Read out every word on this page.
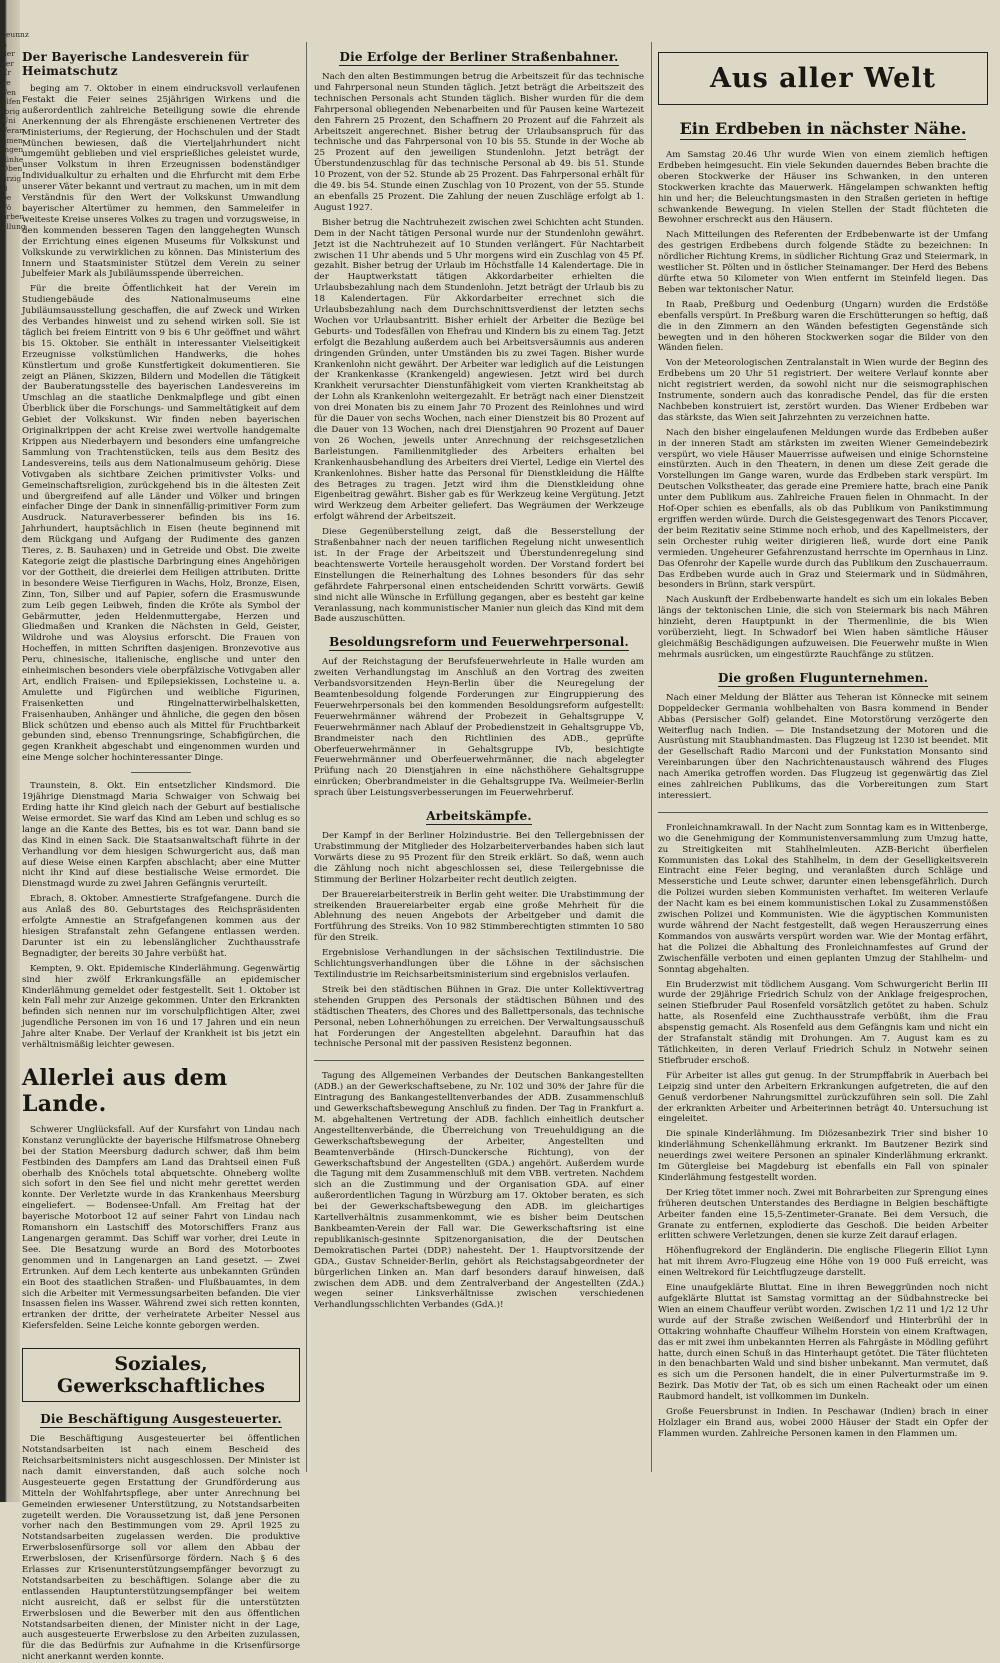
zeunnz
n der
ser
Er
ve
Ven
elfen
ibrig
Uni
Veran
amen
mgen
jünhe
Oben
erzig
B
be
Fö
orben
ellung
Der Bayerische Landesverein für Heimatschutz

beging am 7. Oktober in einem eindrucksvoll verlaufenen Festakt die Feier seines 25jährigen Wirkens und die außerordentlich zahlreiche Beteiligung sowie die ehrende Anerkennung der als Ehrengäste erschienenen Vertreter des Ministeriums, der Regierung, der Hochschulen und der Stadt München bewiesen, daß die Vierteljahrhundert nicht umgemüht geblieben und viel ersprießliches geleistet wurde, unser Volkstum in ihren Erzeugnissen bodenständiger Individualkultur zu erhalten und die Ehrfurcht mit dem Erbe unserer Väter bekannt und vertraut zu machen, um in mit dem Verständnis für den Wert der Volkskunst Umwandlung bayerischer Altertümer zu hemmen, den Sammeleifer in weiteste Kreise unseres Volkes zu tragen und vorzugsweise, in den kommenden besseren Tagen den langgehegten Wunsch der Errichtung eines eigenen Museums für Volkskunst und Volkskunde zu verwirklichen zu können. Das Ministerium des Innern und Staatsminister Stützel dem Verein zu seiner Jubelfeier Mark als Jubiläumsspende überreichen.

Für die breite Öffentlichkeit hat der Verein im Studiengebäude des Nationalmuseums eine Jubiläumsausstellung geschaffen, die auf Zweck und Wirken des Verbandes hinweist und zu sehend wirken soll. Sie ist täglich bei freiem Eintritt von 9 bis 6 Uhr geöffnet und währt bis 15. Oktober. Sie enthält in interessanter Vielseitigkeit Erzeugnisse volkstümlichen Handwerks, die hohes Künstlertum und große Kunstfertigkeit dokumentieren. Sie zeigt an Plänen, Skizzen, Bildern und Modellen die Tätigkeit der Bauberatungsstelle des bayerischen Landesvereins im Umschlag an die staatliche Denkmalpflege und gibt einen Überblick über die Forschungs- und Sammeltätigkeit auf dem Gebiet der Volkskunst. Wir finden neben bayerischen Originalkrippen der acht Kreise zwei wertvolle handgemalte Krippen aus Niederbayern und besonders eine umfangreiche Sammlung von Trachtenstücken, teils aus dem Besitz des Landesvereins, teils aus dem Nationalmuseum gehörig. Diese Votivgaben als sichtbare Zeichen primitivster Volks- und Gemeinschaftsreligion, zurückgehend bis in die ältesten Zeit und übergreifend auf alle Länder und Völker und bringen einfacher Dinge der Dank in sinnenfällig-primitiver Form zum Ausdruck. Naturaverbesserer befinden bis ins 16. Jahrhundert, hauptsächlich in Eisen (heute beginnend mit dem Rückgang und Aufgang der Rudimente des ganzen Tieres, z. B. Sauhaxen) und in Getreide und Obst. Die zweite Kategorie zeigt die plastische Darbringung eines Angehörigen vor der Gottheit, die dreierlei dem Heiligen attributen. Dritte in besondere Weise Tierfiguren in Wachs, Holz, Bronze, Eisen, Zinn, Ton, Silber und auf Papier, sofern die Erasmuswunde zum Leib gegen Leibweh, finden die Kröte als Symbol der Gebärmutter, jeden Heldenmuttergabe, Herzen und Gliedmaßen und Kranken die Nächsten in Geld, Geister, Wildrohe und was Aloysius erforscht. Die Frauen von Hocheffen, in mitten Schriften dasjenigen. Bronzevotive aus Peru, chinesische, italienische, englische und unter den einheimischen besonders viele oberpfälzische Votivgaben aller Art, endlich Fraisen- und Epilepsiekissen, Lochsteine u. a. Amulette und Figürchen und weibliche Figurinen, Fraisenketten und Ringelnatterwirbelhalsketten, Fraisenhauben, Anhänger und ähnliche, die gegen den bösen Blick schützen und ebenso auch als Mittel für Fruchtbarkeit gebunden sind, ebenso Trennungsringe, Schabfigürchen, die gegen Krankheit abgeschabt und eingenommen wurden und eine Menge solcher hochinteressanter Dinge.

Traunstein, 8. Okt. Ein entsetzlicher Kindsmord. Die 19jährige Dienstmagd Maria Schwaiger von Schwaig bei Erding hatte ihr Kind gleich nach der Geburt auf bestialische Weise ermordet. Sie warf das Kind am Leben und schlug es so lange an die Kante des Bettes, bis es tot war. Dann band sie das Kind in einen Sack. Die Staatsanwaltschaft führte in der Verhandlung vor dem hiesigen Schwurgericht aus, daß man auf diese Weise einen Karpfen abschlacht; aber eine Mutter nicht ihr Kind auf diese bestialische Weise ermordet. Die Dienstmagd wurde zu zwei Jahren Gefängnis verurteilt.

Ebrach, 8. Oktober. Amnestierte Strafgefangene. Durch die aus Anlaß des 80. Geburtstages des Reichspräsidenten erfolgte Amnestie an Strafgefangenen kommen aus der hiesigen Strafanstalt zehn Gefangene entlassen werden. Darunter ist ein zu lebenslänglicher Zuchthausstrafe Begnadigter, der bereits 30 Jahre verbüßt hat.

Kempten, 9. Okt. Epidemische Kinderlähmung. Gegenwärtig sind hier zwölf Erkrankungsfälle an epidemischer Kinderlähmung gemeldet oder festgestellt. Seit 1. Oktober ist kein Fall mehr zur Anzeige gekommen. Unter den Erkrankten befinden sich nennen nur im vorschulpflichtigen Alter, zwei jugendliche Personen im von 16 und 17 Jahren und ein neun Jahre alter Knabe. Der Verlauf der Krankheit ist bis jetzt ein verhältnismäßig leichter gewesen.

Allerlei aus dem Lande.

Schwerer Unglücksfall. Auf der Kursfahrt von Lindau nach Konstanz verunglückte der bayerische Hilfsmatrose Ohneberg bei der Station Meersburg dadurch schwer, daß ihm beim Festbinden des Dampfers am Land das Drahtseil einen Fuß oberhalb des Knöchels total abquetschte. Ohneberg wollte sich sofort in den See fiel und nicht mehr gerettet werden konnte. Der Verletzte wurde in das Krankenhaus Meersburg eingeliefert. — Bodensee-Unfall. Am Freitag hat der bayerische Motorboot 12 auf seiner Fahrt von Lindau nach Romanshorn ein Lastschiff des Motorschiffers Franz aus Langenargen gerammt. Das Schiff war vorher, drei Leute in See. Die Besatzung wurde an Bord des Motorbootes genommen und in Langenargen an Land gesetzt. — Zwei Ertrunken. Auf dem Lech kenterte aus unbekannten Gründen ein Boot des staatlichen Straßen- und Flußbauamtes, in dem sich die Arbeiter mit Vermessungsarbeiten befanden. Die vier Insassen fielen ins Wasser. Während zwei sich retten konnten, ertranken der dritte, der verheiratete Arbeiter Nessel aus Kiefersfelden. Seine Leiche konnte geborgen werden.

Soziales, Gewerkschaftliches
Die Beschäftigung Ausgesteuerter.

Die Beschäftigung Ausgesteuerter bei öffentlichen Notstandsarbeiten ist nach einem Bescheid des Reichsarbeitsministers nicht ausgeschlossen. Der Minister ist nach damit einverstanden, daß auch solche noch Ausgesteuerte gegen Erstattung der Grundförderung aus Mitteln der Wohlfahrtspflege, aber unter Anrechnung bei Gemeinden erwiesener Unterstützung, zu Notstandsarbeiten zugeteilt werden. Die Voraussetzung ist, daß jene Personen vorher nach den Bestimmungen vom 29. April 1925 zu Notstandsarbeiten zugelassen werden. Die produktive Erwerbslosenfürsorge soll vor allem den Abbau der Erwerbslosen, der Krisenfürsorge fördern. Nach § 6 des Erlasses zur Krisenunterstützungsempfänger bevorzugt zu Notstandsarbeiten zu beschäftigen. Solange aber die zu entlassenden Hauptunterstützungsempfänger bei weitem nicht ausreicht, daß er selbst für die unterstützten Erwerbslosen und die Bewerber mit den aus öffentlichen Notstandsarbeiten dienen, der Minister nicht in der Lage, auch ausgesteuerte Erwerbslose zu den Arbeiten zuzulassen, für die das Bedürfnis zur Aufnahme in die Krisenfürsorge nicht anerkannt werden konnte.

Die Erfolge der Berliner Straßenbahner.

Nach den alten Bestimmungen betrug die Arbeitszeit für das technische und Fahrpersonal neun Stunden täglich. Jetzt beträgt die Arbeitszeit des technischen Personals acht Stunden täglich. Bisher wurden für die dem Fahrpersonal obliegenden Nebenarbeiten und für Pausen keine Wartezeit den Fahrern 25 Prozent, den Schaffnern 20 Prozent auf die Fahrzeit als Arbeitszeit angerechnet. Bisher betrug der Urlaubsanspruch für das technische und das Fahrpersonal von 10 bis 55. Stunde in der Woche ab 25 Prozent auf den jeweiligen Stundenlohn. Jetzt beträgt der Überstundenzuschlag für das technische Personal ab 49. bis 51. Stunde 10 Prozent, von der 52. Stunde ab 25 Prozent. Das Fahrpersonal erhält für die 49. bis 54. Stunde einen Zuschlag von 10 Prozent, von der 55. Stunde an ebenfalls 25 Prozent. Die Zahlung der neuen Zuschläge erfolgt ab 1. August 1927.

Bisher betrug die Nachtruhezeit zwischen zwei Schichten acht Stunden. Dem in der Nacht tätigen Personal wurde nur der Stundenlohn gewährt. Jetzt ist die Nachtruhezeit auf 10 Stunden verlängert. Für Nachtarbeit zwischen 11 Uhr abends und 5 Uhr morgens wird ein Zuschlag von 45 Pf. gezahlt. Bisher betrug der Urlaub im Höchstfalle 14 Kalendertage. Die in der Hauptwerkstatt tätigen Akkordarbeiter erhielten die Urlaubsbezahlung nach dem Stundenlohn. Jetzt beträgt der Urlaub bis zu 18 Kalendertagen. Für Akkordarbeiter errechnet sich die Urlaubsbezahlung nach dem Durchschnittsverdienst der letzten sechs Wochen vor Urlaubsantritt. Bisher erhielt der Arbeiter die Bezüge bei Geburts- und Todesfällen von Ehefrau und Kindern bis zu einem Tag. Jetzt erfolgt die Bezahlung außerdem auch bei Arbeitsversäumnis aus anderen dringenden Gründen, unter Umständen bis zu zwei Tagen. Bisher wurde Krankenlohn nicht gewährt. Der Arbeiter war lediglich auf die Leistungen der Krankenkasse (Krankengeld) angewiesen. Jetzt wird bei durch Krankheit verursachter Dienstunfähigkeit vom vierten Krankheitstag ab der Lohn als Krankenlohn weitergezahlt. Er beträgt nach einer Dienstzeit von drei Monaten bis zu einem Jahr 70 Prozent des Reinlohnes und wird für die Dauer von sechs Wochen, nach einer Dienstzeit bis 80 Prozent auf die Dauer von 13 Wochen, nach drei Dienstjahren 90 Prozent auf Dauer von 26 Wochen, jeweils unter Anrechnung der reichsgesetzlichen Barleistungen. Familienmitglieder des Arbeiters erhalten bei Krankenhausbehandlung des Arbeiters drei Viertel, Ledige ein Viertel des Krankenlohnes. Bisher hatte das Personal für Dienstkleidung die Hälfte des Betrages zu tragen. Jetzt wird ihm die Dienstkleidung ohne Eigenbeitrag gewährt. Bisher gab es für Werkzeug keine Vergütung. Jetzt wird Werkzeug dem Arbeiter geliefert. Das Wegräumen der Werkzeuge erfolgt während der Arbeitszeit.

Diese Gegenüberstellung zeigt, daß die Besserstellung der Straßenbahner nach der neuen tariflichen Regelung nicht unwesentlich ist. In der Frage der Arbeitszeit und Überstundenregelung sind beachtenswerte Vorteile herausgeholt worden. Der Vorstand fordert bei Einstellungen die Reinerhaltung des Lohnes besonders für das sehr gefährdete Fahrpersonal einen entscheidenden Schritt vorwärts. Gewiß sind nicht alle Wünsche in Erfüllung gegangen, aber es besteht gar keine Veranlassung, nach kommunistischer Manier nun gleich das Kind mit dem Bade auszuschütten.

Besoldungsreform und Feuerwehrpersonal.

Auf der Reichstagung der Berufsfeuerwehrleute in Halle wurden am zweiten Verhandlungstag im Anschluß an den Vortrag des zweiten Verbandsvorsitzenden Heyn-Berlin über die Neuregelung der Beamtenbesoldung folgende Forderungen zur Eingruppierung des Feuerwehrpersonals bei den kommenden Besoldungsreform aufgestellt: Feuerwehrmänner während der Probezeit in Gehaltsgruppe V, Feuerwehrmänner nach Ablauf der Probedienstzeit in Gehaltsgruppe Vb, Brandmeister nach den Richtlinien des ADB., geprüfte Oberfeuerwehrmänner in Gehaltsgruppe IVb, besichtigte Feuerwehrmänner und Oberfeuerwehrmänner, die nach abgelegter Prüfung nach 20 Dienstjahren in eine nächsthöhere Gehaltsgruppe einrücken; Oberbrandmeister in die Gehaltsgruppe IVa. Weilmeier-Berlin sprach über Leistungsverbesserungen im Feuerwehrberuf.

Arbeitskämpfe.

Der Kampf in der Berliner Holzindustrie. Bei den Tellergebnissen der Urabstimmung der Mitglieder des Holzarbeiterverbandes haben sich laut Vorwärts diese zu 95 Prozent für den Streik erklärt. So daß, wenn auch die Zählung noch nicht abgeschlossen sei, diese Teilergebnisse die Stimmung der Berliner Holzarbeiter recht deutlich zeigten.

Der Brauereiarbeiterstreik in Berlin geht weiter. Die Urabstimmung der streikenden Brauereiarbeiter ergab eine große Mehrheit für die Ablehnung des neuen Angebots der Arbeitgeber und damit die Fortführung des Streiks. Von 10 982 Stimmberechtigten stimmten 10 580 für den Streik.

Ergebnislose Verhandlungen in der sächsischen Textilindustrie. Die Schlichtungsverhandlungen über die Löhne in der sächsischen Textilindustrie im Reichsarbeitsministerium sind ergebnislos verlaufen.

Streik bei den städtischen Bühnen in Graz. Die unter Kollektivvertrag stehenden Gruppen des Personals der städtischen Bühnen und des städtischen Theaters, des Chores und des Ballettpersonals, das technische Personal, neben Lohnerhöhungen zu erreichen. Der Verwaltungsausschuß hat Forderungen der Angestellten abgelehnt. Daraufhin hat das technische Personal mit der passiven Resistenz begonnen.

Tagung des Allgemeinen Verbandes der Deutschen Bankangestellten (ADB.) an der Gewerkschaftsebene, zu Nr. 102 und 30% der Jahre für die Eintragung des Bankangestelltenverbandes der ADB. Zusammenschluß und Gewerkschaftsbewegung Anschluß zu finden. Der Tag in Frankfurt a. M. abgehaltenen Vertretung der ADB. fachlich einheitlich deutscher Angestelltenverbände, die Überreichung von Treuehuldigung an die Gewerkschaftsbewegung der Arbeiter, Angestellten und Beamtenverbände (Hirsch-Dunckersche Richtung), von der Gewerkschaftsbund der Angestellten (GDA.) angehört. Außerdem wurde die Tagung mit dem Zusammenschluß mit dem VBB. vertreten. Nachdem sich an die Zustimmung und der Organisation GDA. auf einer außerordentlichen Tagung in Würzburg am 17. Oktober beraten, es sich bei der Gewerkschaftsbewegung den ADB. im gleichartiges Kartellverhältnis zusammenkommt, wie es bisher beim Deutschen Bankbeamten-Verein der Fall war. Die Gewerkschaftsring ist eine republikanisch-gesinnte Spitzenorganisation, die der Deutschen Demokratischen Partei (DDP.) nahesteht. Der 1. Hauptvorsitzende der GDA., Gustav Schneider-Berlin, gehört als Reichstagsabgeordneter der bürgerlichen Linken an. Man darf besonders darauf hinweisen, daß zwischen dem ADB. und dem Zentralverband der Angestellten (ZdA.) wegen seiner Linksverhältnisse zwischen verschiedenen Verhandlungsschlichten Verbandes (GdA.)!

Aus aller Welt
Ein Erdbeben in nächster Nähe.

Am Samstag 20.46 Uhr wurde Wien von einem ziemlich heftigen Erdbeben heimgesucht. Ein viele Sekunden dauerndes Beben brachte die oberen Stockwerke der Häuser ins Schwanken, in den unteren Stockwerken krachte das Mauerwerk. Hängelampen schwankten heftig hin und her; die Beleuchtungsmasten in den Straßen gerieten in heftige schwankende Bewegung. In vielen Stellen der Stadt flüchteten die Bewohner erschreckt aus den Häusern.

Nach Mitteilungen des Referenten der Erdbebenwarte ist der Umfang des gestrigen Erdbebens durch folgende Städte zu bezeichnen: In nördlicher Richtung Krems, in südlicher Richtung Graz und Steiermark, in westlicher St. Pölten und in östlicher Steinamanger. Der Herd des Bebens dürfte etwa 50 Kilometer von Wien entfernt im Steinfeld liegen. Das Beben war tektonischer Natur.

In Raab, Preßburg und Oedenburg (Ungarn) wurden die Erdstöße ebenfalls verspürt. In Preßburg waren die Erschütterungen so heftig, daß die in den Zimmern an den Wänden befestigten Gegenstände sich bewegten und in den höheren Stockwerken sogar die Bilder von den Wänden fielen.

Von der Meteorologischen Zentralanstalt in Wien wurde der Beginn des Erdbebens um 20 Uhr 51 registriert. Der weitere Verlauf konnte aber nicht registriert werden, da sowohl nicht nur die seismographischen Instrumente, sondern auch das konradische Pendel, das für die ersten Nachbeben konstruiert ist, zerstört wurden. Das Wiener Erdbeben war das stärkste, das Wien seit Jahrzehnten zu verzeichnen hatte.

Nach den bisher eingelaufenen Meldungen wurde das Erdbeben außer in der inneren Stadt am stärksten im zweiten Wiener Gemeindebezirk verspürt, wo viele Häuser Mauerrisse aufweisen und einige Schornsteine einstürzten. Auch in den Theatern, in denen um diese Zeit gerade die Vorstellungen im Gange waren, wurde das Erdbeben stark verspürt. Im Deutschen Volkstheater, das gerade eine Premiere hatte, brach eine Panik unter dem Publikum aus. Zahlreiche Frauen fielen in Ohnmacht. In der Hof-Oper schien es ebenfalls, als ob das Publikum von Panikstimmung ergriffen werden würde. Durch die Geistesgegenwart des Tenors Piccaver, der beim Rezitativ seine Stimme noch erhob, und des Kapellmeisters, der sein Orchester ruhig weiter dirigieren ließ, wurde dort eine Panik vermieden. Ungeheurer Gefahrenzustand herrschte im Opernhaus in Linz. Das Ofenrohr der Kapelle wurde durch das Publikum den Zuschauerraum. Das Erdbeben wurde auch in Graz und Steiermark und in Südmähren, besonders in Brünn, stark verspürt.

Nach Auskunft der Erdbebenwarte handelt es sich um ein lokales Beben längs der tektonischen Linie, die sich von Steiermark bis nach Mähren hinzieht, deren Hauptpunkt in der Thermenlinie, die bis Wien vorüberzieht, liegt. In Schwadorf bei Wien haben sämtliche Häuser gleichmäßig Beschädigungen aufzuweisen. Die Feuerwehr mußte in Wien mehrmals ausrücken, um eingestürzte Rauchfänge zu stützen.

Die großen Flugunternehmen.

Nach einer Meldung der Blätter aus Teheran ist Könnecke mit seinem Doppeldecker Germania wohlbehalten von Basra kommend in Bender Abbas (Persischer Golf) gelandet. Eine Motorstörung verzögerte den Weiterflug nach Indien. — Die Instandsetzung der Motoren und die Ausrüstung mit Staubhandmasten. Das Flugzeug ist 1230 ist beendet. Mit der Gesellschaft Radio Marconi und der Funkstation Monsanto sind Vereinbarungen über den Nachrichtenaustausch während des Fluges nach Amerika getroffen worden. Das Flugzeug ist gegenwärtig das Ziel eines zahlreichen Publikums, das die Vorbereitungen zum Start interessiert.

Fronleichnamkrawall. In der Nacht zum Sonntag kam es in Wittenberge, wo die Genehmigung der Kommunistenversammlung zum Umzug hatte, zu Streitigkeiten mit Stahlhelmleuten. AZB-Bericht überfielen Kommunisten das Lokal des Stahlhelm, in dem der Geselligkeitsverein Eintracht eine Feier beging, und veranlaßten durch Schläge und Messerstiche und Leute schwer, darunter einen lebensgefährlich. Durch die Polizei wurden sieben Kommunisten verhaftet. Im weiteren Verlaufe der Nacht kam es bei einem kommunistischen Lokal zu Zusammenstößen zwischen Polizei und Kommunisten. Wie die ägyptischen Kommunisten wurde während der Nacht festgestellt, daß wegen Herauszerrung eines Kommandos von auswärts verspürt worden war. Wie der Montag erfährt, hat die Polizei die Abhaltung des Fronleichnamfestes auf Grund der Zwischenfälle verboten und einen geplanten Umzug der Stahlhelm- und Sonntag abgehalten.

Ein Bruderzwist mit tödlichem Ausgang. Vom Schwurgericht Berlin III wurde der 29jährige Friedrich Schulz von der Anklage freigesprochen, seinen Stiefbruder Paul Rosenfeld vorsätzlich getötet zu haben. Schulz hatte, als Rosenfeld eine Zuchthausstrafe verbüßt, ihm die Frau abspenstig gemacht. Als Rosenfeld aus dem Gefängnis kam und nicht ein der Strafanstalt ständig mit Drohungen. Am 7. August kam es zu Tätlichkeiten, in deren Verlauf Friedrich Schulz in Notwehr seinen Stiefbruder erschoß.

Für Arbeiter ist alles gut genug. In der Strumpffabrik in Auerbach bei Leipzig sind unter den Arbeitern Erkrankungen aufgetreten, die auf den Genuß verdorbener Nahrungsmittel zurückzuführen sein soll. Die Zahl der erkrankten Arbeiter und Arbeiterinnen beträgt 40. Untersuchung ist eingeleitet.

Die spinale Kinderlähmung. Im Diözesanbezirk Trier sind bisher 10 kinderlähmung Schenkellähmung erkrankt. Im Bautzener Bezirk sind neuerdings zwei weitere Personen an spinaler Kinderlähmung erkrankt. Im Gütergleise bei Magdeburg ist ebenfalls ein Fall von spinaler Kinderlähmung festgestellt worden.

Der Krieg tötet immer noch. Zwei mit Bohrarbeiten zur Sprengung eines früheren deutschen Unterstandes des Berdiagne in Belgien beschäftigte Arbeiter fanden eine 15,5-Zentimeter-Granate. Bei dem Versuch, die Granate zu entfernen, explodierte das Geschoß. Die beiden Arbeiter erlitten schwere Verletzungen, denen sie kurze Zeit darauf erlagen.

Höhenflugrekord der Engländerin. Die englische Fliegerin Elliot Lynn hat mit ihrem Avro-Flugzeug eine Höhe von 19 000 Fuß erreicht, was einen Weltrekord für Leichtflugzeuge darstellt.

Eine unaufgeklärte Bluttat. Eine in ihren Beweggründen noch nicht aufgeklärte Bluttat ist Samstag vormittag an der Südbahnstrecke bei Wien an einem Chauffeur verübt worden. Zwischen 1/2 11 und 1/2 12 Uhr wurde auf der Straße zwischen Weißendorf und Hinterbrühl der in Ottakring wohnhafte Chauffeur Wilhelm Horstein von einem Kraftwagen, das er mit zwei ihm unbekannten Herren als Fahrgäste in Mödling geführt hatte, durch einen Schuß in das Hinterhaupt getötet. Die Täter flüchteten in den benachbarten Wald und sind bisher unbekannt. Man vermutet, daß es sich um die Personen handelt, die in einer Pulverturmstraße im 9. Bezirk. Das Motiv der Tat, ob es sich um einen Racheakt oder um einen Raubmord handelt, ist vollkommen im Dunkeln.

Große Feuersbrunst in Indien. In Peschawar (Indien) brach in einer Holzlager ein Brand aus, wobei 2000 Häuser der Stadt ein Opfer der Flammen wurden. Zahlreiche Personen kamen in den Flammen um.
